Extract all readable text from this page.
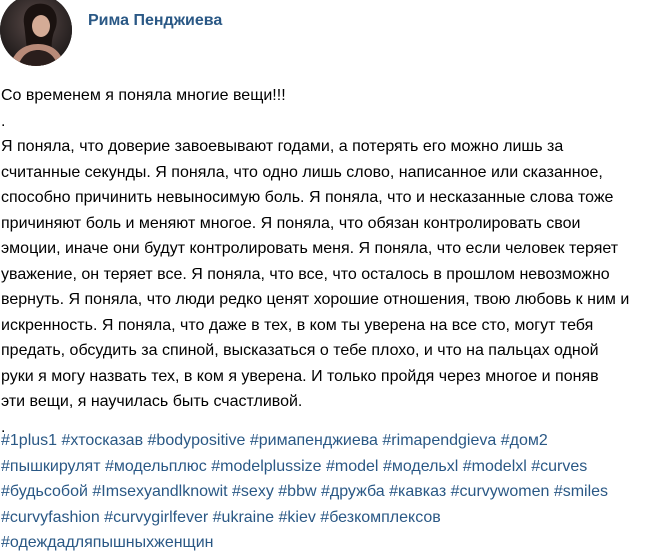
Рима Пенджиева
Со временем я поняла многие вещи!!!
.
Я поняла, что доверие завоевывают годами, а потерять его можно лишь за
считанные секунды. Я поняла, что одно лишь слово, написанное или сказанное,
способно причинить невыносимую боль. Я поняла, что и несказанные слова тоже
причиняют боль и меняют многое. Я поняла, что обязан контролировать свои
эмоции, иначе они будут контролировать меня. Я поняла, что если человек теряет
уважение, он теряет все. Я поняла, что все, что осталось в прошлом невозможно
вернуть. Я поняла, что люди редко ценят хорошие отношения, твою любовь к ним и
искренность. Я поняла, что даже в тех, в ком ты уверена на все сто, могут тебя
предать, обсудить за спиной, высказаться о тебе плохо, и что на пальцах одной
руки я могу назвать тех, в ком я уверена. И только пройдя через многое и поняв
эти вещи, я научилась быть счастливой.
.
#1plus1 #хтосказав #bodypositive #римапенджиева #rimapendgieva #дом2
#пышкирулят #модельплюс #modelplussize #model #модельxl #modelxl #curves
#будьсобой #Imsexyandlknowit #sexy #bbw #дружба #кавказ #curvywomen #smiles
#curvyfashion #curvygirlfever #ukraine #kiev #безкомплексов
#одеждадляпышныхженщин
